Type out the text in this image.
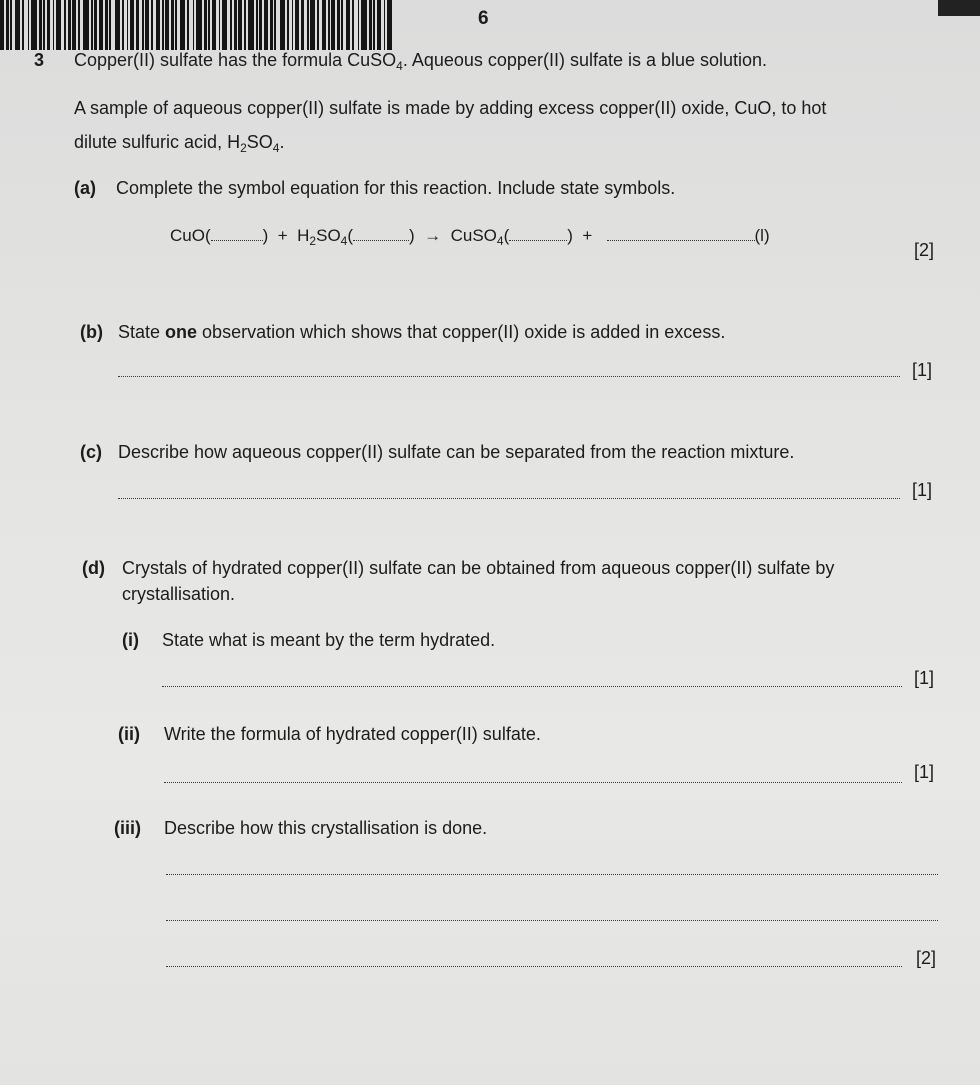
6
3 Copper(II) sulfate has the formula CuSO$_4$. Aqueous copper(II) sulfate is a blue solution.
A sample of aqueous copper(II) sulfate is made by adding excess copper(II) oxide, CuO, to hot
dilute sulfuric acid, $H_2SO_4$.
(a) Complete the symbol equation for this reaction. Include state symbols.
CuO(	) + $H_2SO_4$(	) → CuSO$_4$(	) +	(l)
[2]
(b) State one observation which shows that copper(II) oxide is added in excess.
[1]
(c) Describe how aqueous copper(II) sulfate can be separated from the reaction mixture.
[1]
(d) Crystals of hydrated copper(II) sulfate can be obtained from aqueous copper(II) sulfate by
crystallisation.
(i) State what is meant by the term hydrated.
[1]
(ii) Write the formula of hydrated copper(II) sulfate.
[1]
(iii) Describe how this crystallisation is done.
[2]
